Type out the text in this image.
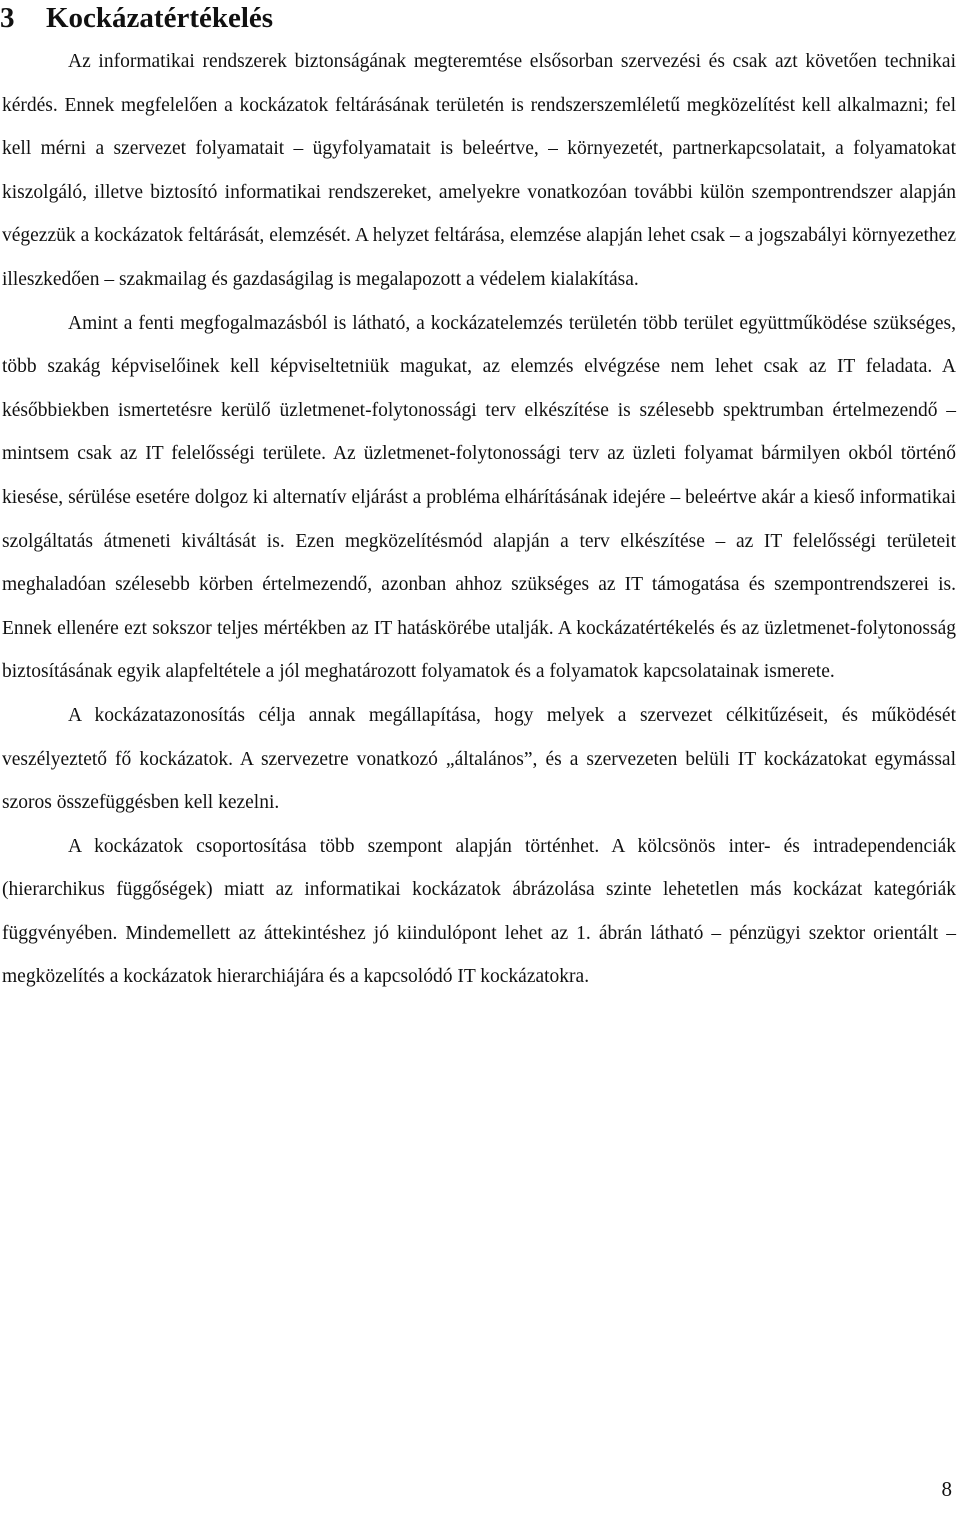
3 Kockázatértékelés

Az informatikai rendszerek biztonságának megteremtése elsősorban szervezési és csak azt követően technikai kérdés. Ennek megfelelően a kockázatok feltárásának területén is rendszerszemléletű megközelítést kell alkalmazni; fel kell mérni a szervezet folyamatait – ügyfolyamatait is beleértve, – környezetét, partnerkapcsolatait, a folyamatokat kiszolgáló, illetve biztosító informatikai rendszereket, amelyekre vonatkozóan további külön szempontrendszer alapján végezzük a kockázatok feltárását, elemzését. A helyzet feltárása, elemzése alapján lehet csak – a jogszabályi környezethez illeszkedően – szakmailag és gazdaságilag is megalapozott a védelem kialakítása.

Amint a fenti megfogalmazásból is látható, a kockázatelemzés területén több terület együttműködése szükséges, több szakág képviselőinek kell képviseltetniük magukat, az elemzés elvégzése nem lehet csak az IT feladata. A későbbiekben ismertetésre kerülő üzletmenet-folytonossági terv elkészítése is szélesebb spektrumban értelmezendő – mintsem csak az IT felelősségi területe. Az üzletmenet-folytonossági terv az üzleti folyamat bármilyen okból történő kiesése, sérülése esetére dolgoz ki alternatív eljárást a probléma elhárításának idejére – beleértve akár a kieső informatikai szolgáltatás átmeneti kiváltását is. Ezen megközelítésmód alapján a terv elkészítése – az IT felelősségi területeit meghaladóan szélesebb körben értelmezendő, azonban ahhoz szükséges az IT támogatása és szempontrendszerei is. Ennek ellenére ezt sokszor teljes mértékben az IT hatáskörébe utalják. A kockázatértékelés és az üzletmenet-folytonosság biztosításának egyik alapfeltétele a jól meghatározott folyamatok és a folyamatok kapcsolatainak ismerete.

A kockázatazonosítás célja annak megállapítása, hogy melyek a szervezet célkitűzéseit, és működését veszélyeztető fő kockázatok. A szervezetre vonatkozó „általános”, és a szervezeten belüli IT kockázatokat egymással szoros összefüggésben kell kezelni.

A kockázatok csoportosítása több szempont alapján történhet. A kölcsönös inter- és intradependenciák (hierarchikus függőségek) miatt az informatikai kockázatok ábrázolása szinte lehetetlen más kockázat kategóriák függvényében. Mindemellett az áttekintéshez jó kiindulópont lehet az 1. ábrán látható – pénzügyi szektor orientált – megközelítés a kockázatok hierarchiájára és a kapcsolódó IT kockázatokra.

8
